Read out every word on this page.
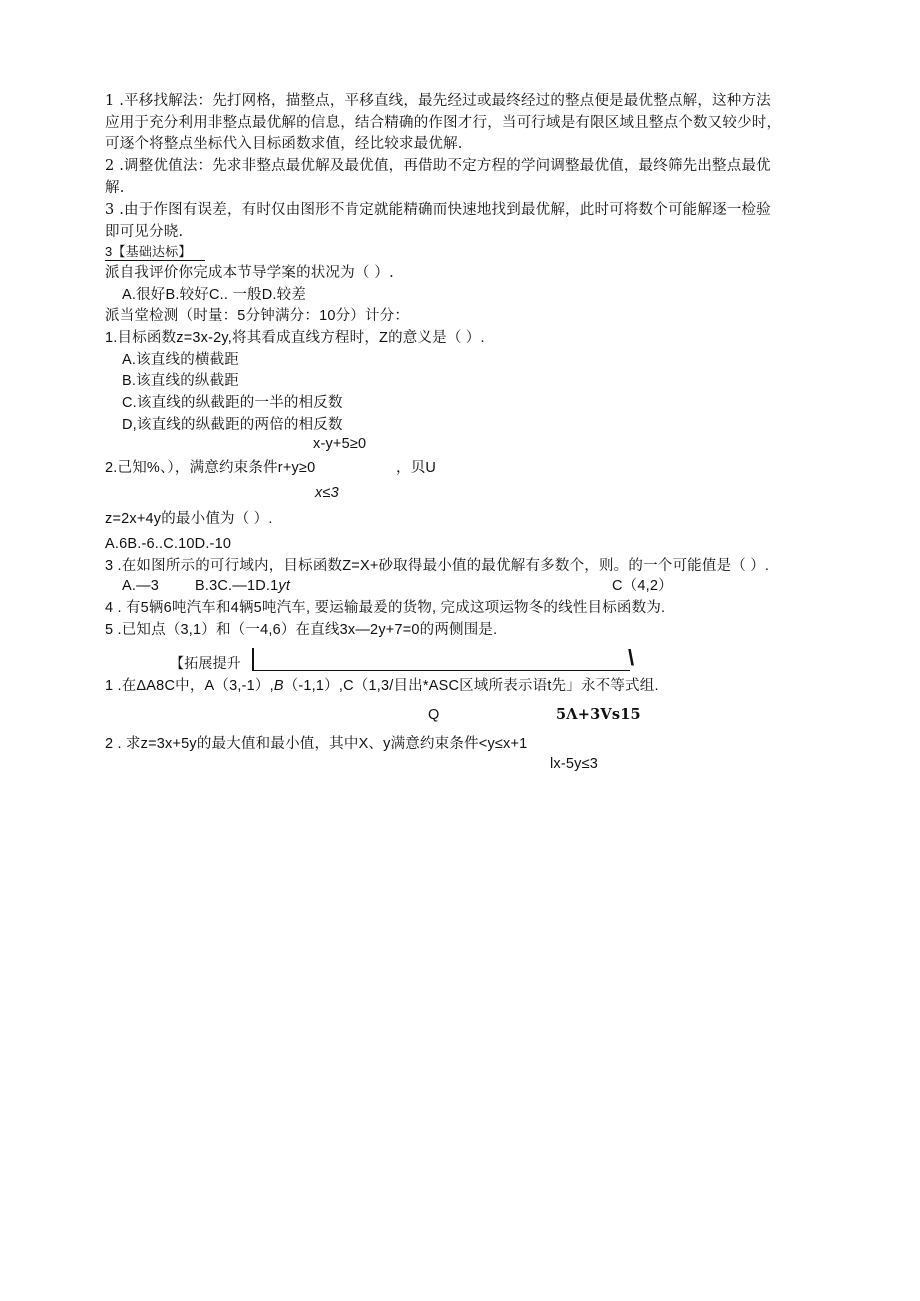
1 .平移找解法：先打网格，描整点，平移直线，最先经过或最终经过的整点便是最优整点解，这种方法
应用于充分利用非整点最优解的信息，结合精确的作图才行，当可行域是有限区域且整点个数又较少时，
可逐个将整点坐标代入目标函数求值，经比较求最优解.
2 .调整优值法：先求非整点最优解及最优值，再借助不定方程的学问调整最优值，最终筛先出整点最优
解.
3 .由于作图有误差，有时仅由图形不肯定就能精确而快速地找到最优解，此时可将数个可能解逐一检验
即可见分晓.
3【基础达标】
派自我评价你完成本节导学案的状况为（ ）.
A.很好B.较好C.. 一般D.较差
派当堂检测（时量：5分钟满分：10分）计分：
1.目标函数z=3x-2y,将其看成直线方程时，Z的意义是（ ）.
A.该直线的横截距
B.该直线的纵截距
C.该直线的纵截距的一半的相反数
D,该直线的纵截距的两倍的相反数
x-y+5≥0
2.己知%、），满意约束条件r+y≥0	，贝U
x≤3
z=2x+4y的最小值为（ ）.
A.6B.-6..C.10D.-10
3 .在如图所示的可行域内，目标函数Z=X+砂取得最小值的最优解有多数个，则。的一个可能值是（ ）.
A.—3 B.3C.—1D.1yt	C（4,2）
4 . 有5辆6吨汽车和4辆5吨汽车, 要运输最爰的货物, 完成这项运物冬的线性目标函数为.
5 .已知点（3,1）和（一4,6）在直线3x—2y+7=0的两侧围是.
【拓展提升	\
1 .在ΔA8C中，A（3,-1）,B（-1,1）,C（1,3/目出*ASC区域所表示语t先」永不等式组.
Q	5Λ+3Vs15
2 . 求z=3x+5y的最大值和最小值，其中X、y满意约束条件<y≤x+1
lx-5y≤3
